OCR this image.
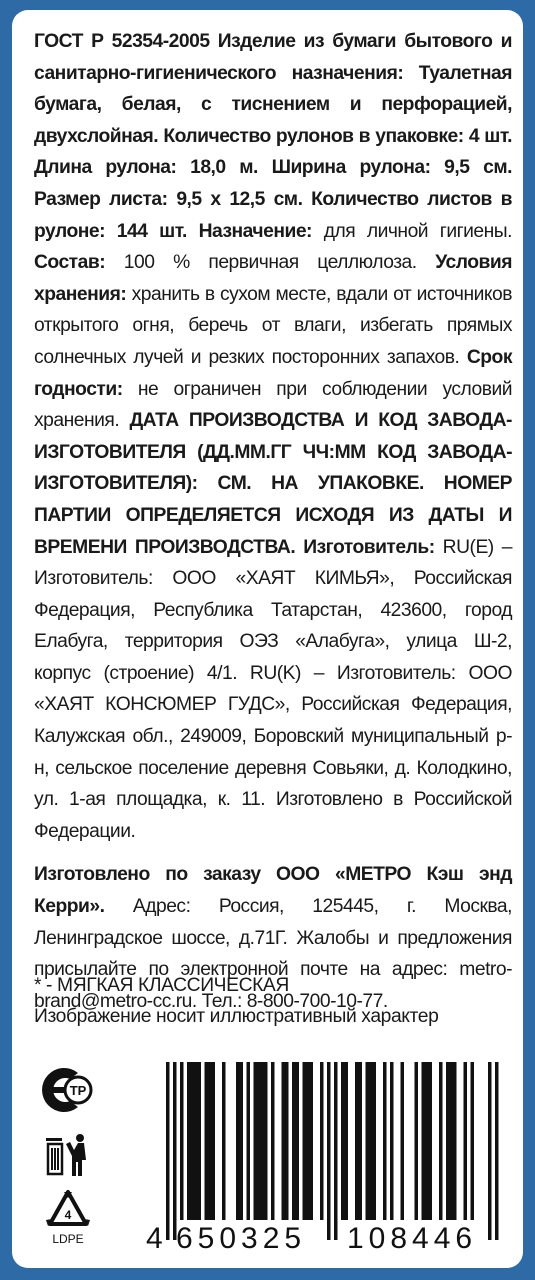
ГОСТ Р 52354-2005 Изделие из бумаги бытового и санитарно-гигиенического назначения: Туалетная бумага, белая, с тиснением и перфорацией, двухслойная. Количество рулонов в упаковке: 4 шт. Длина рулона: 18,0 м. Ширина рулона: 9,5 см. Размер листа: 9,5 х 12,5 см. Количество листов в рулоне: 144 шт. Назначение: для личной гигиены. Состав: 100 % первичная целлюлоза. Условия хранения: хранить в сухом месте, вдали от источников открытого огня, беречь от влаги, избегать прямых солнечных лучей и резких посторонних запахов. Срок годности: не ограничен при соблюдении условий хранения. ДАТА ПРОИЗВОДСТВА И КОД ЗАВОДА-ИЗГОТОВИТЕЛЯ (ДД.ММ.ГГ ЧЧ:ММ КОД ЗАВОДА-ИЗГОТОВИТЕЛЯ): СМ. НА УПАКОВКЕ. НОМЕР ПАРТИИ ОПРЕДЕЛЯЕТСЯ ИСХОДЯ ИЗ ДАТЫ И ВРЕМЕНИ ПРОИЗВОДСТВА. Изготовитель: RU(E) – Изготовитель: ООО «ХАЯТ КИМЬЯ», Российская Федерация, Республика Татарстан, 423600, город Елабуга, территория ОЭЗ «Алабуга», улица Ш-2, корпус (строение) 4/1. RU(K) – Изготовитель: ООО «ХАЯТ КОНСЮМЕР ГУДС», Российская Федерация, Калужская обл., 249009, Боровский муниципальный р-н, сельское поселение деревня Совьяки, д. Колодкино, ул. 1-ая площадка, к. 11. Изготовлено в Российской Федерации.

Изготовлено по заказу ООО «МЕТРО Кэш энд Керри». Адрес: Россия, 125445, г. Москва, Ленинградское шоссе, д.71Г. Жалобы и предложения присылайте по электронной почте на адрес: metro-brand@metro-cc.ru. Тел.: 8-800-700-10-77.

* - МЯГКАЯ КЛАССИЧЕСКАЯ
Изображение носит иллюстративный характер
ТР
4
LDPE 4 650325 108446
